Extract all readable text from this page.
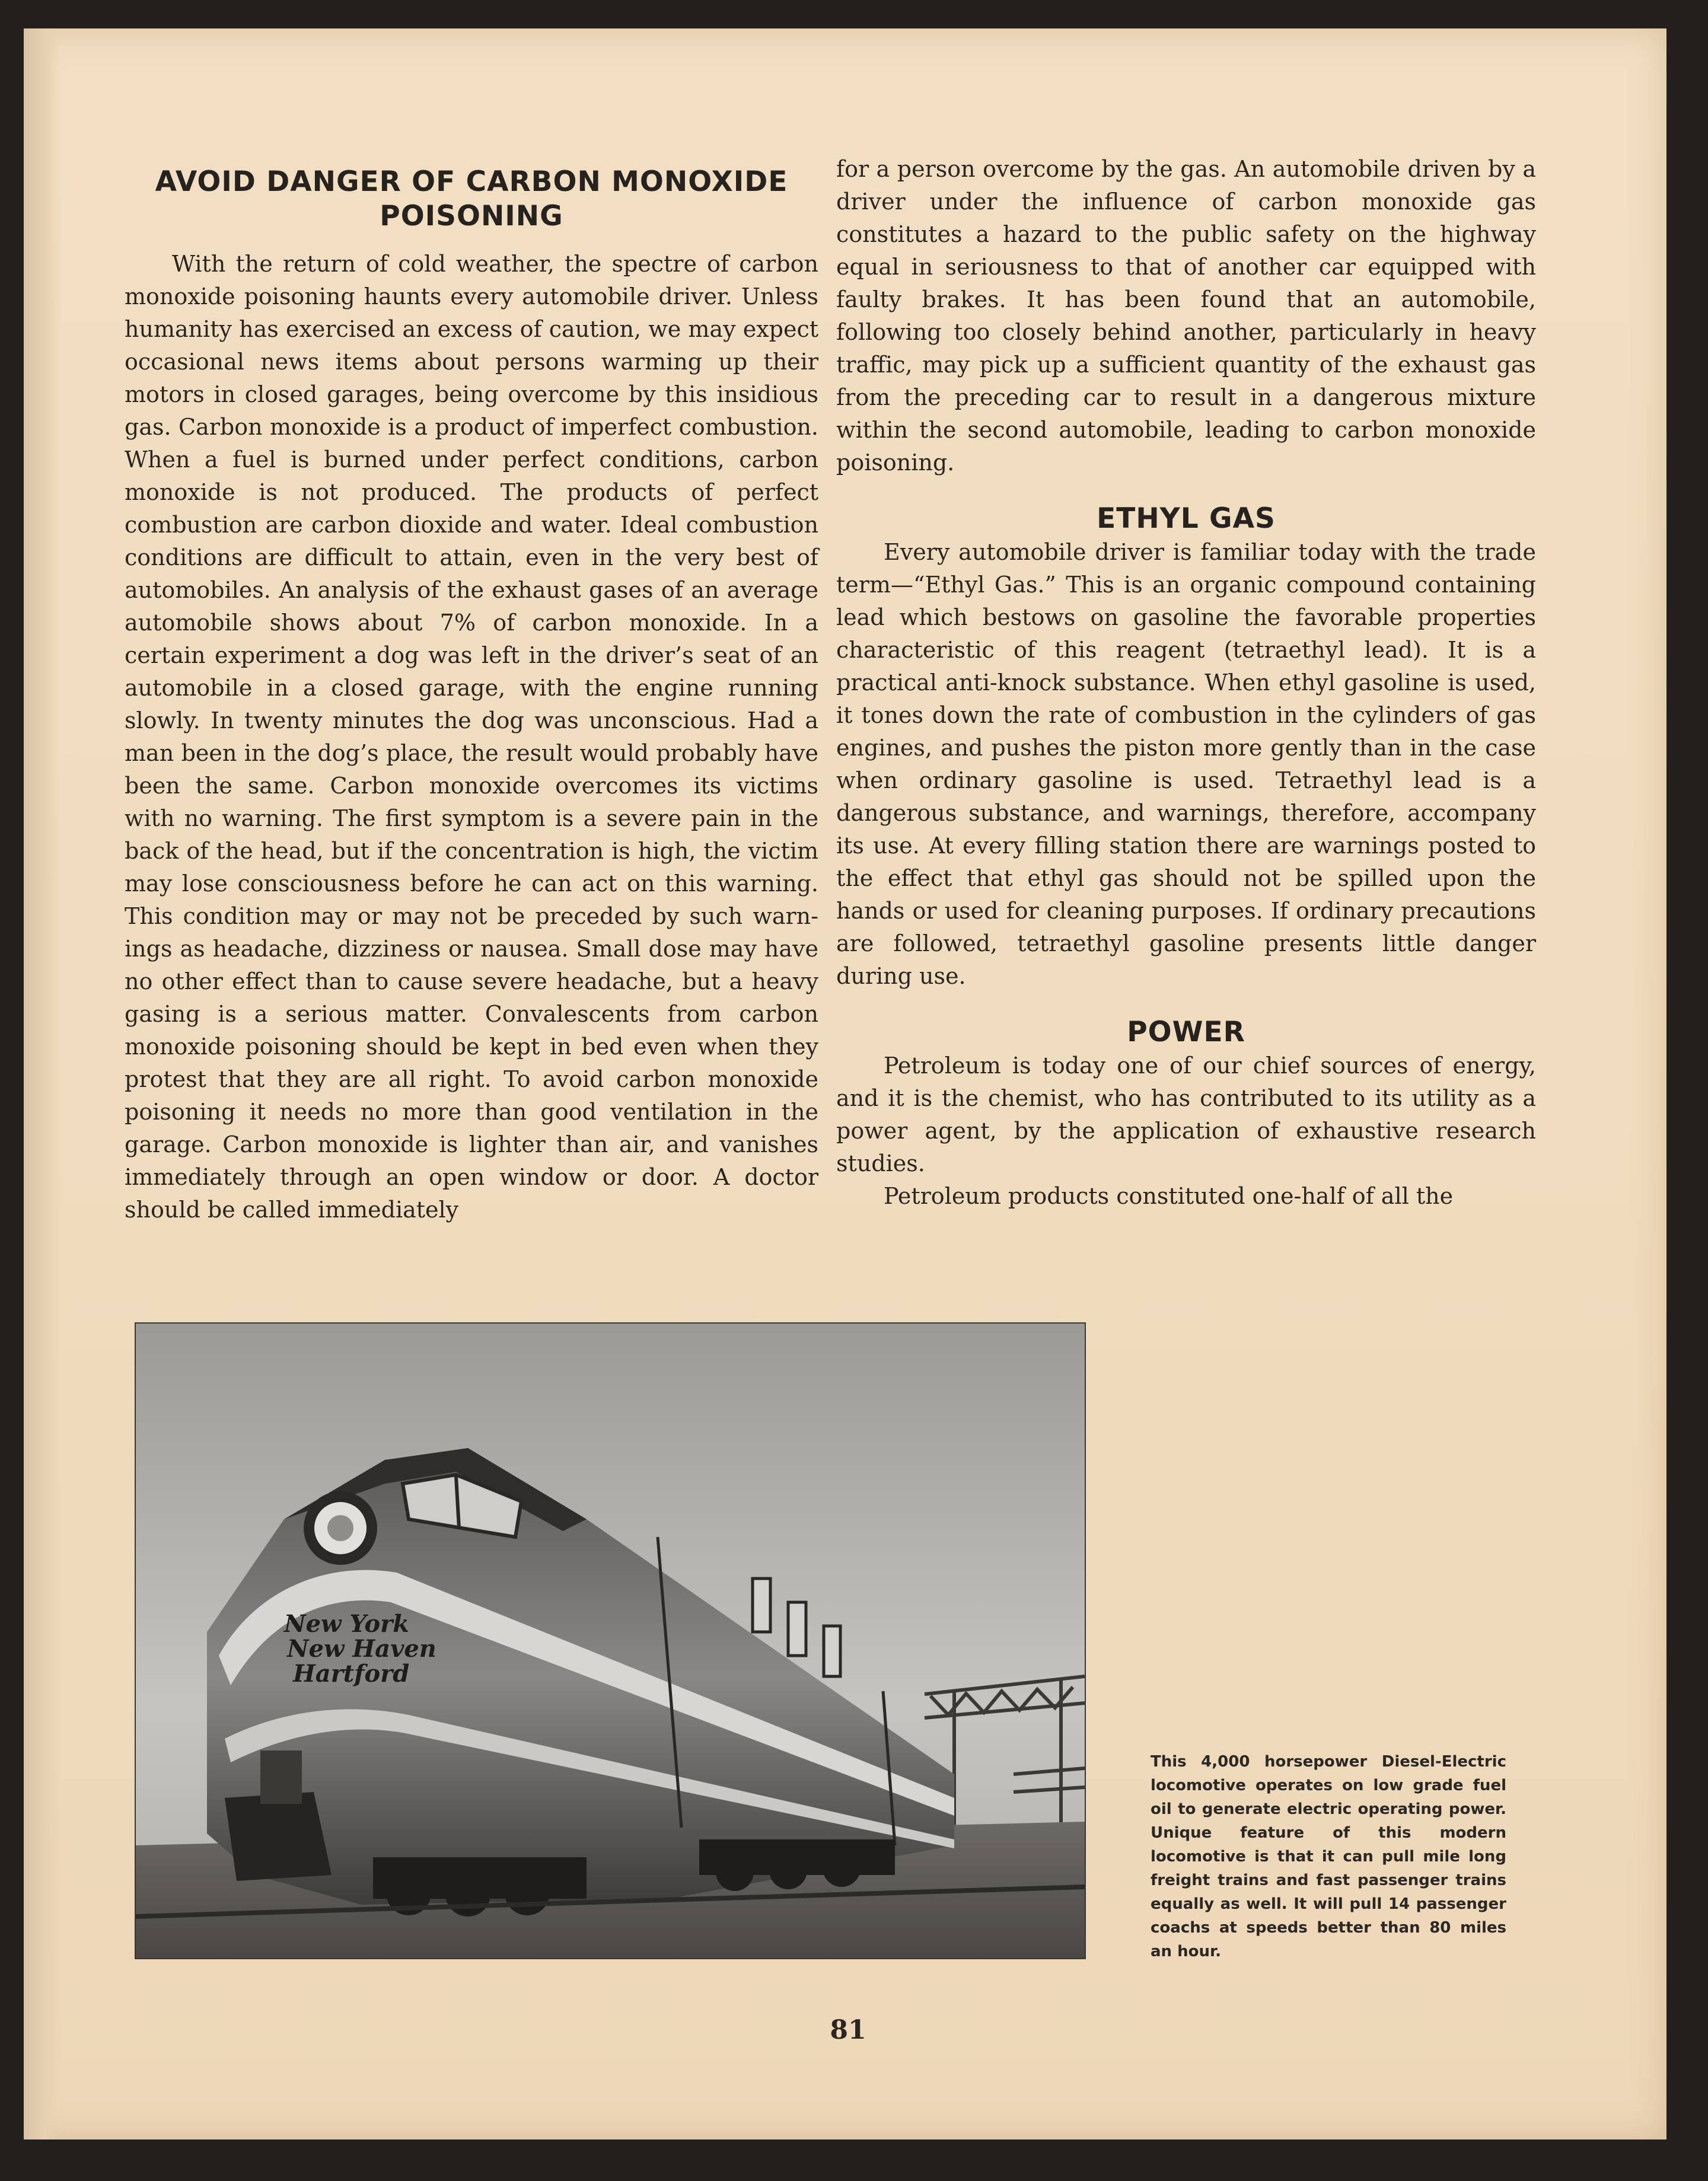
AVOID DANGER OF CARBON MONOXIDE POISONING

With the return of cold weather, the spectre of carbon monoxide poisoning haunts every automobile driver. Unless humanity has exercised an excess of caution, we may expect occasional news items about persons warming up their motors in closed garages, being overcome by this insidious gas. Carbon monoxide is a product of imperfect combustion. When a fuel is burned under perfect conditions, carbon monoxide is not produced. The products of perfect combustion are carbon dioxide and water. Ideal combustion conditions are difficult to attain, even in the very best of automobiles. An analysis of the exhaust gases of an average automobile shows about 7% of carbon monoxide. In a certain experiment a dog was left in the driver’s seat of an automobile in a closed garage, with the engine running slowly. In twenty minutes the dog was unconscious. Had a man been in the dog’s place, the result would probably have been the same. Carbon monoxide overcomes its victims with no warning. The first symptom is a severe pain in the back of the head, but if the concentration is high, the victim may lose consciousness before he can act on this warning. This condition may or may not be preceded by such warnings as headache, dizziness or nausea. Small dose may have no other effect than to cause severe headache, but a heavy gasing is a serious matter. Convalescents from carbon monoxide poisoning should be kept in bed even when they protest that they are all right. To avoid carbon monoxide poisoning it needs no more than good ventilation in the garage. Carbon monoxide is lighter than air, and vanishes immediately through an open window or door. A doctor should be called immediately

for a person overcome by the gas. An automobile driven by a driver under the influence of carbon monoxide gas constitutes a hazard to the public safety on the highway equal in seriousness to that of another car equipped with faulty brakes. It has been found that an automobile, following too closely behind another, particularly in heavy traffic, may pick up a sufficient quantity of the exhaust gas from the preceding car to result in a dangerous mixture within the second automobile, leading to carbon monoxide poisoning.

ETHYL GAS

Every automobile driver is familiar today with the trade term—“Ethyl Gas.” This is an organic compound containing lead which bestows on gasoline the favorable properties characteristic of this reagent (tetraethyl lead). It is a practical anti-knock substance. When ethyl gasoline is used, it tones down the rate of combustion in the cylinders of gas engines, and pushes the piston more gently than in the case when ordinary gasoline is used. Tetraethyl lead is a dangerous substance, and warnings, therefore, accompany its use. At every filling station there are warnings posted to the effect that ethyl gas should not be spilled upon the hands or used for cleaning purposes. If ordinary precautions are followed, tetraethyl gasoline presents little danger during use.

POWER

Petroleum is today one of our chief sources of energy, and it is the chemist, who has contributed to its utility as a power agent, by the application of exhaustive research studies.

Petroleum products constituted one-half of all the

New York
New Haven
Hartford
This 4,000 horsepower Diesel-Electric locomotive operates on low grade fuel oil to generate electric operating power. Unique feature of this modern locomotive is that it can pull mile long freight trains and fast passenger trains equally as well. It will pull 14 passenger coachs at speeds better than 80 miles an hour.
81
